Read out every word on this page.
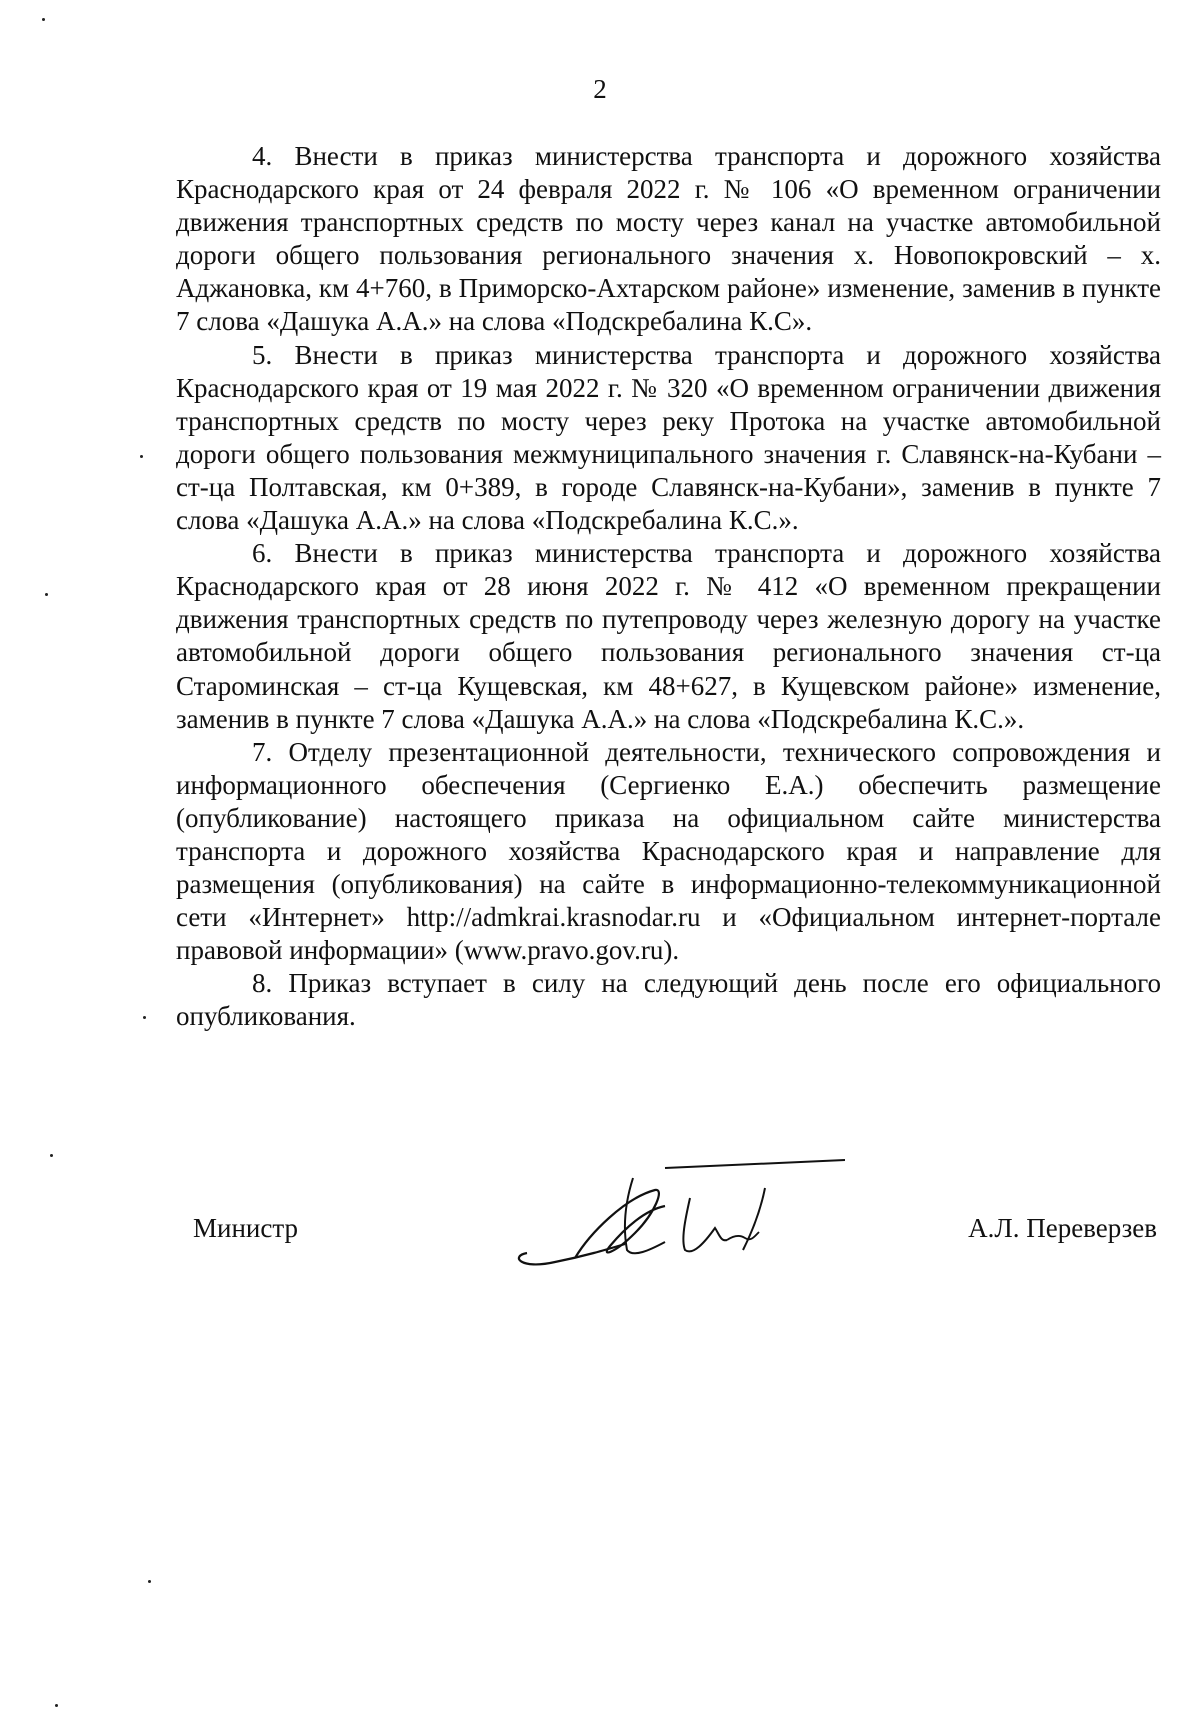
2

4. Внести в приказ министерства транспорта и дорожного хозяйства Краснодарского края от 24 февраля 2022 г. № 106 «О временном ограничении движения транспортных средств по мосту через канал на участке автомобильной дороги общего пользования регионального значения х. Новопокровский – х. Аджановка, км 4+760, в Приморско-Ахтарском районе» изменение, заменив в пункте 7 слова «Дашука А.А.» на слова «Подскребалина К.С».

5. Внести в приказ министерства транспорта и дорожного хозяйства Краснодарского края от 19 мая 2022 г. № 320 «О временном ограничении движения транспортных средств по мосту через реку Протока на участке автомобильной дороги общего пользования межмуниципального значения г. Славянск-на-Кубани – ст-ца Полтавская, км 0+389, в городе Славянск-на-Кубани», заменив в пункте 7 слова «Дашука А.А.» на слова «Подскребалина К.С.».

6. Внести в приказ министерства транспорта и дорожного хозяйства Краснодарского края от 28 июня 2022 г. № 412 «О временном прекращении движения транспортных средств по путепроводу через железную дорогу на участке автомобильной дороги общего пользования регионального значения ст-ца Староминская – ст-ца Кущевская, км 48+627, в Кущевском районе» изменение, заменив в пункте 7 слова «Дашука А.А.» на слова «Подскребалина К.С.».

7. Отделу презентационной деятельности, технического сопровождения и информационного обеспечения (Сергиенко Е.А.) обеспечить размещение (опубликование) настоящего приказа на официальном сайте министерства транспорта и дорожного хозяйства Краснодарского края и направление для размещения (опубликования) на сайте в информационно-телекоммуникационной сети «Интернет» http://admkrai.krasnodar.ru и «Официальном интернет-портале правовой информации» (www.pravo.gov.ru).

8. Приказ вступает в силу на следующий день после его официального опубликования.

Министр	А.Л. Переверзев
